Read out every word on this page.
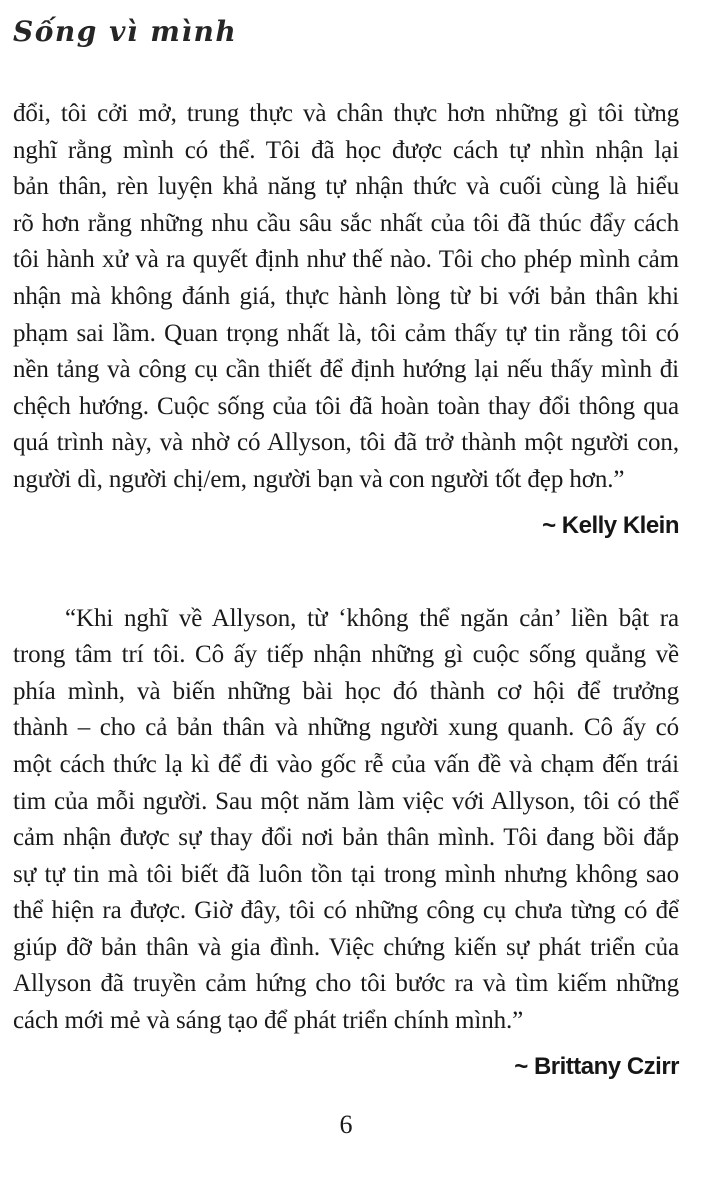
Sống vì mình
đổi, tôi cởi mở, trung thực và chân thực hơn những gì tôi từng
nghĩ rằng mình có thể. Tôi đã học được cách tự nhìn nhận lại
bản thân, rèn luyện khả năng tự nhận thức và cuối cùng là hiểu
rõ hơn rằng những nhu cầu sâu sắc nhất của tôi đã thúc đẩy cách
tôi hành xử và ra quyết định như thế nào. Tôi cho phép mình cảm
nhận mà không đánh giá, thực hành lòng từ bi với bản thân khi
phạm sai lầm. Quan trọng nhất là, tôi cảm thấy tự tin rằng tôi có
nền tảng và công cụ cần thiết để định hướng lại nếu thấy mình đi
chệch hướng. Cuộc sống của tôi đã hoàn toàn thay đổi thông qua
quá trình này, và nhờ có Allyson, tôi đã trở thành một người con,
người dì, người chị/em, người bạn và con người tốt đẹp hơn.”
~ Kelly Klein
“Khi nghĩ về Allyson, từ ‘không thể ngăn cản’ liền bật ra
trong tâm trí tôi. Cô ấy tiếp nhận những gì cuộc sống quẳng về
phía mình, và biến những bài học đó thành cơ hội để trưởng
thành – cho cả bản thân và những người xung quanh. Cô ấy có
một cách thức lạ kì để đi vào gốc rễ của vấn đề và chạm đến trái
tim của mỗi người. Sau một năm làm việc với Allyson, tôi có thể
cảm nhận được sự thay đổi nơi bản thân mình. Tôi đang bồi đắp
sự tự tin mà tôi biết đã luôn tồn tại trong mình nhưng không sao
thể hiện ra được. Giờ đây, tôi có những công cụ chưa từng có để
giúp đỡ bản thân và gia đình. Việc chứng kiến sự phát triển của
Allyson đã truyền cảm hứng cho tôi bước ra và tìm kiếm những
cách mới mẻ và sáng tạo để phát triển chính mình.”
~ Brittany Czirr
6
